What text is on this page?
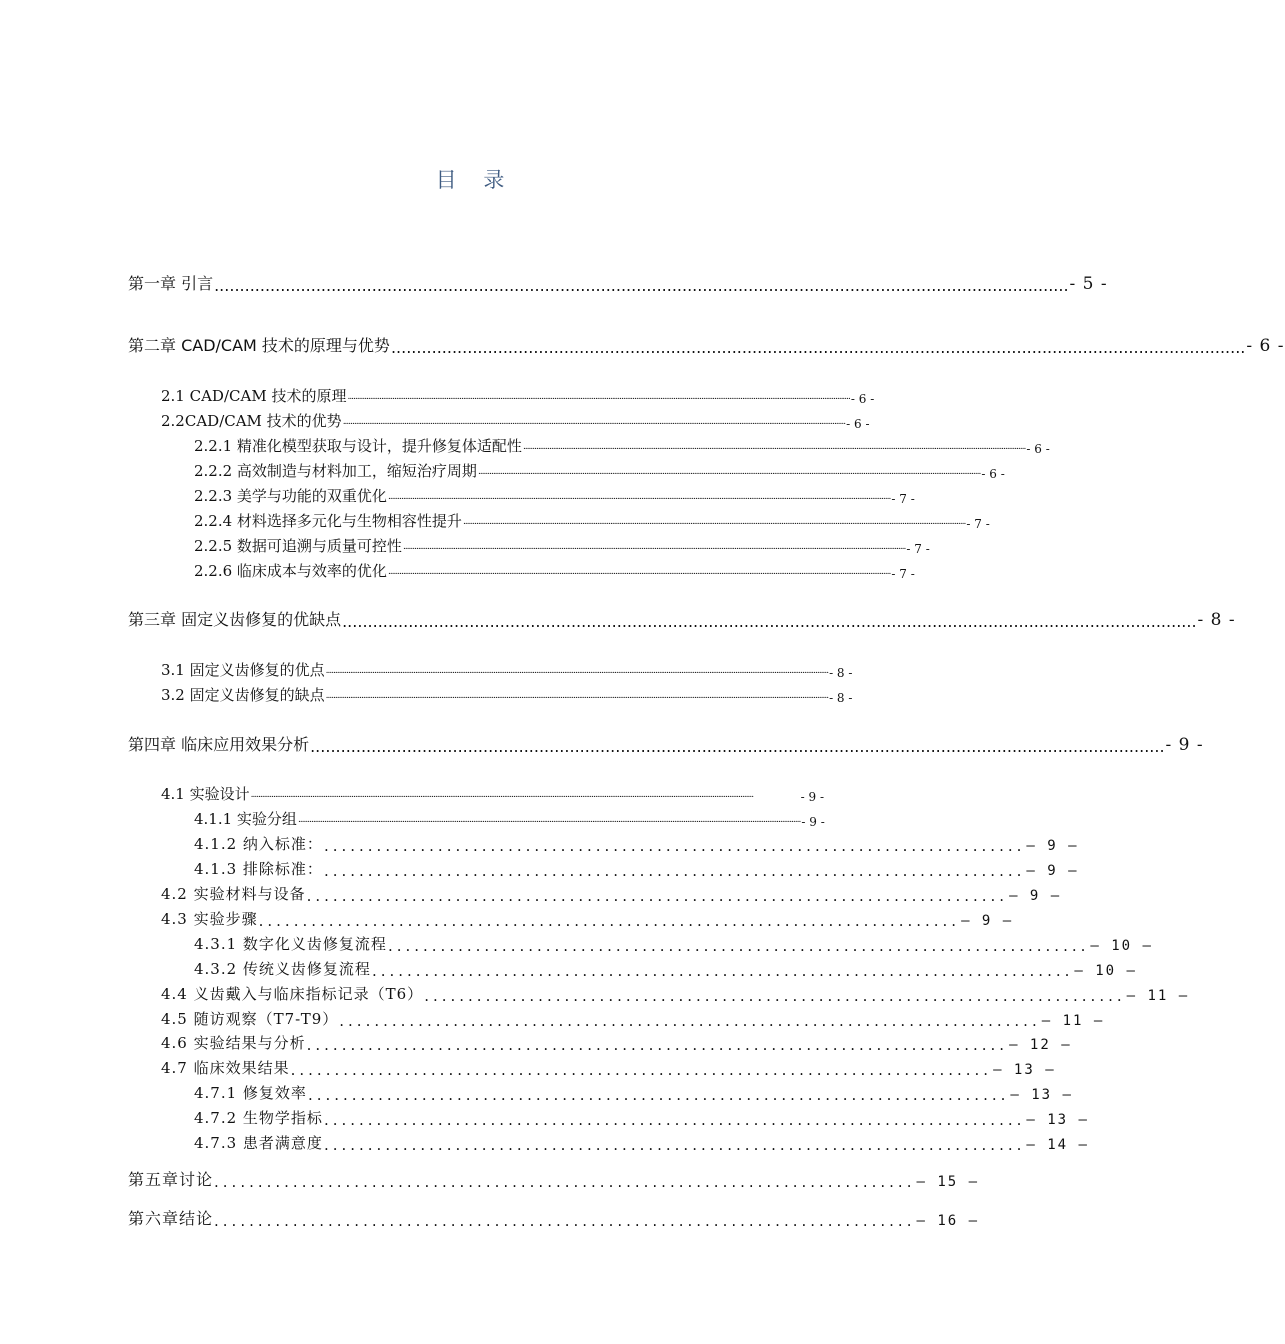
目 录
第一章 引言 ........................................................................................................................................................................ - 5 -
第二章 CAD/CAM 技术的原理与优势 ........................................................................................................................................................................ - 6 -
2.1 CAD/CAM 技术的原理 .............................................................................................................................................................................................................................................................................. - 6 -
2.2CAD/CAM 技术的优势 .............................................................................................................................................................................................................................................................................. - 6 -
2.2.1 精准化模型获取与设计，提升修复体适配性 .............................................................................................................................................................................................................................................................................. - 6 -
2.2.2 高效制造与材料加工，缩短治疗周期 .............................................................................................................................................................................................................................................................................. - 6 -
2.2.3 美学与功能的双重优化 .............................................................................................................................................................................................................................................................................. - 7 -
2.2.4 材料选择多元化与生物相容性提升 .............................................................................................................................................................................................................................................................................. - 7 -
2.2.5 数据可追溯与质量可控性 .............................................................................................................................................................................................................................................................................. - 7 -
2.2.6 临床成本与效率的优化 .............................................................................................................................................................................................................................................................................. - 7 -
第三章 固定义齿修复的优缺点 ........................................................................................................................................................................ - 8 -
3.1 固定义齿修复的优点 .............................................................................................................................................................................................................................................................................. - 8 -
3.2 固定义齿修复的缺点 .............................................................................................................................................................................................................................................................................. - 8 -
第四章 临床应用效果分析 ........................................................................................................................................................................ - 9 -
4.1 实验设计 ..............................................................................................................................................................................................................................................................................	- 9 -
4.1.1 实验分组 .............................................................................................................................................................................................................................................................................. - 9 -
4.1.2 纳入标准： ................................................................................ – 9 –
4.1.3 排除标准： ................................................................................ – 9 –
4.2 实验材料与设备 ................................................................................ – 9 –
4.3 实验步骤 ................................................................................ – 9 –
4.3.1 数字化义齿修复流程 ................................................................................ – 10 –
4.3.2 传统义齿修复流程 ................................................................................ – 10 –
4.4 义齿戴入与临床指标记录（T6） ................................................................................ – 11 –
4.5 随访观察（T7-T9） ................................................................................ – 11 –
4.6 实验结果与分析 ................................................................................ – 12 –
4.7 临床效果结果 ................................................................................ – 13 –
4.7.1 修复效率 ................................................................................ – 13 –
4.7.2 生物学指标 ................................................................................ – 13 –
4.7.3 患者满意度 ................................................................................ – 14 –
第五章讨论 ................................................................................ – 15 –
第六章结论 ................................................................................ – 16 –
